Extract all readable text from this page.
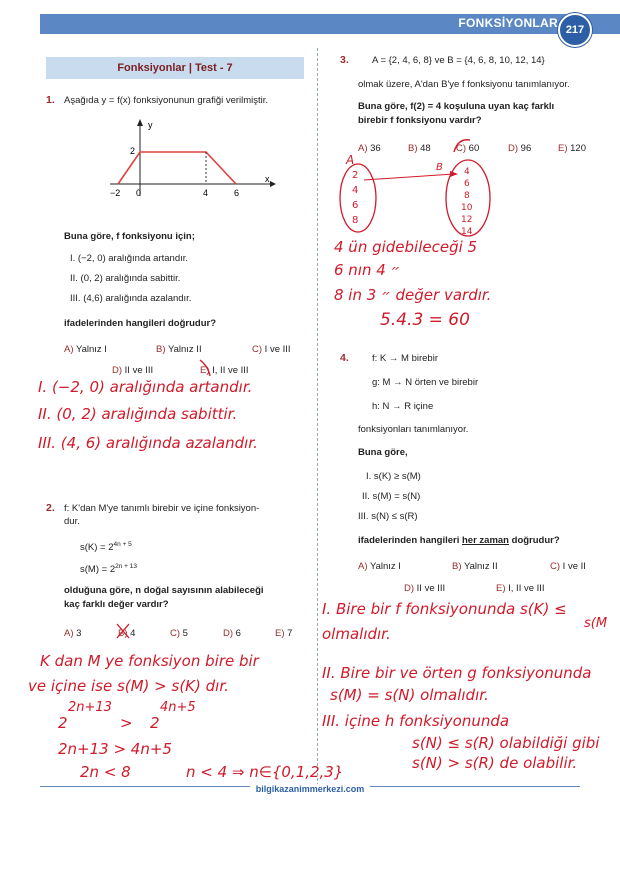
FONKSİYONLAR 217
Fonksiyonlar | Test - 7
1. Aşağıda y = f(x) fonksiyonunun grafiği verilmiştir.
y
x
2
−2 0	4	6
Buna göre, f fonksiyonu için;
I. (−2, 0) aralığında artandır.
II. (0, 2) aralığında sabittir.
III. (4,6) aralığında azalandır.
ifadelerinden hangileri doğrudur?
A) Yalnız I	B) Yalnız II	C) I ve III
D) II ve III	E) I, II ve III
I. (−2, 0) aralığında artandır.
II. (0, 2) aralığında sabittir.
III. (4, 6) aralığında azalandır.
2. f: K'dan M'ye tanımlı birebir ve içine fonksiyon-
dur.
$s(K) = 2^{4n + 5}$
$s(M) = 2^{2n + 13}$
olduğuna göre, n doğal sayısının alabileceği
kaç farklı değer vardır?
A) 3	B) 4	C) 5	D) 6	E) 7
K dan M ye fonksiyon bire bir
ve içine ise s(M) > s(K) dır.
2
2n+13
> 2
4n+5
2n+13 > 4n+5
2n < 8	n < 4 ⇒ n∈{0,1,2,3}
3. A = {2, 4, 6, 8} ve B = {4, 6, 8, 10, 12, 14}
olmak üzere, A'dan B'ye f fonksiyonu tanımlanıyor.
Buna göre, f(2) = 4 koşuluna uyan kaç farklı
birebir f fonksiyonu vardır?
A) 36	B) 48	C) 60	D) 96	E) 120
A
B
2
4
6
8
4
6
8
10
12
14
4 ün gidebileceği 5
6 nın ״ 4
8 in ״ 3 değer vardır.
5.4.3 = 60
4. f: K → M birebir
g: M → N örten ve birebir
h: N → R içine
fonksiyonları tanımlanıyor.
Buna göre,
I. s(K) ≥ s(M)
II. s(M) = s(N)
III. s(N) ≤ s(R)
ifadelerinden hangileri her zaman doğrudur?
A) Yalnız I	B) Yalnız II	C) I ve II
D) II ve III	E) I, II ve III
I. Bire bir f fonksiyonunda s(K) ≤
s(M
olmalıdır.
II. Bire bir ve örten g fonksiyonunda
s(M) = s(N) olmalıdır.
III. içine h fonksiyonunda
s(N) ≤ s(R) olabildiği gibi
s(N) > s(R) de olabilir.
bilgikazanimmerkezi.com
